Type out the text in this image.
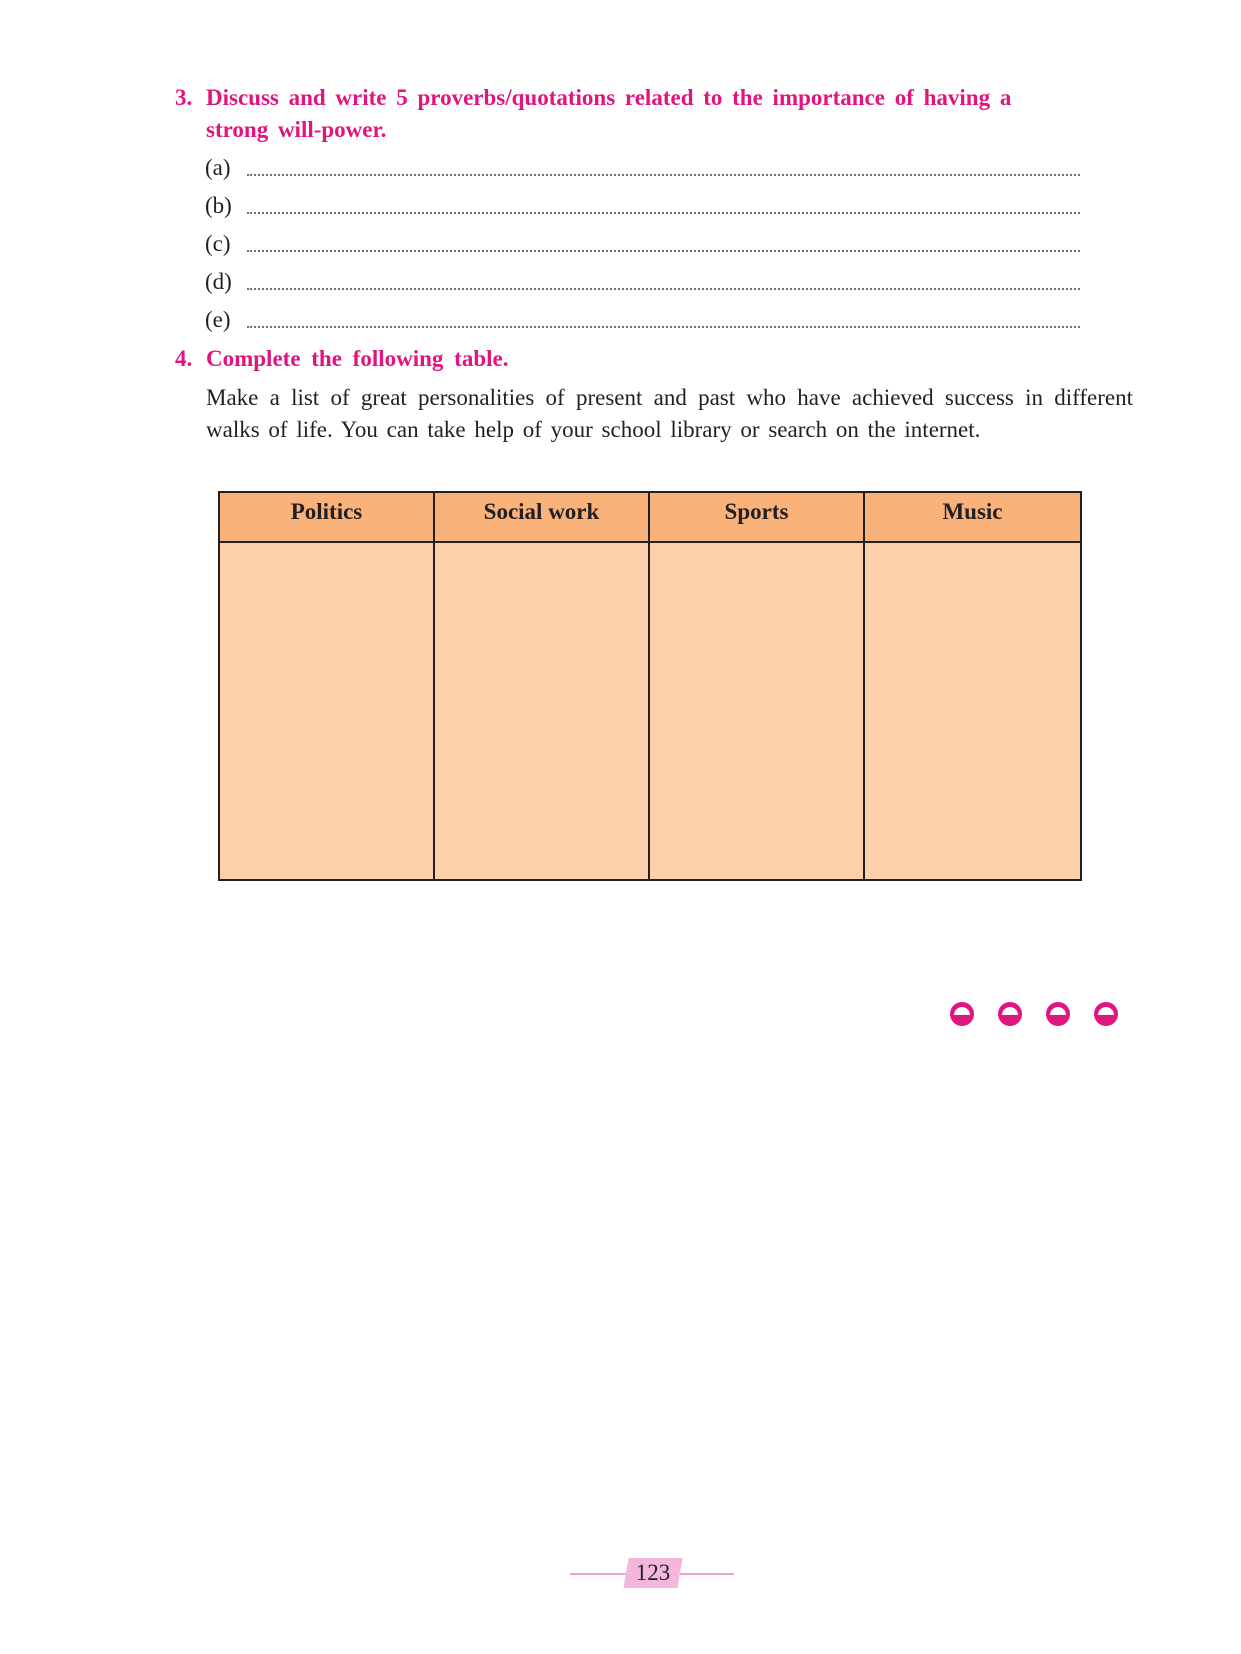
3. Discuss and write 5 proverbs/quotations related to the importance of having a
strong will-power.
(a)
(b)
(c)
(d)
(e)
4. Complete the following table.
Make a list of great personalities of present and past who have achieved success in different walks of life. You can take help of your school library or search on the internet.
Politics	Social work	Sports	Music
123
